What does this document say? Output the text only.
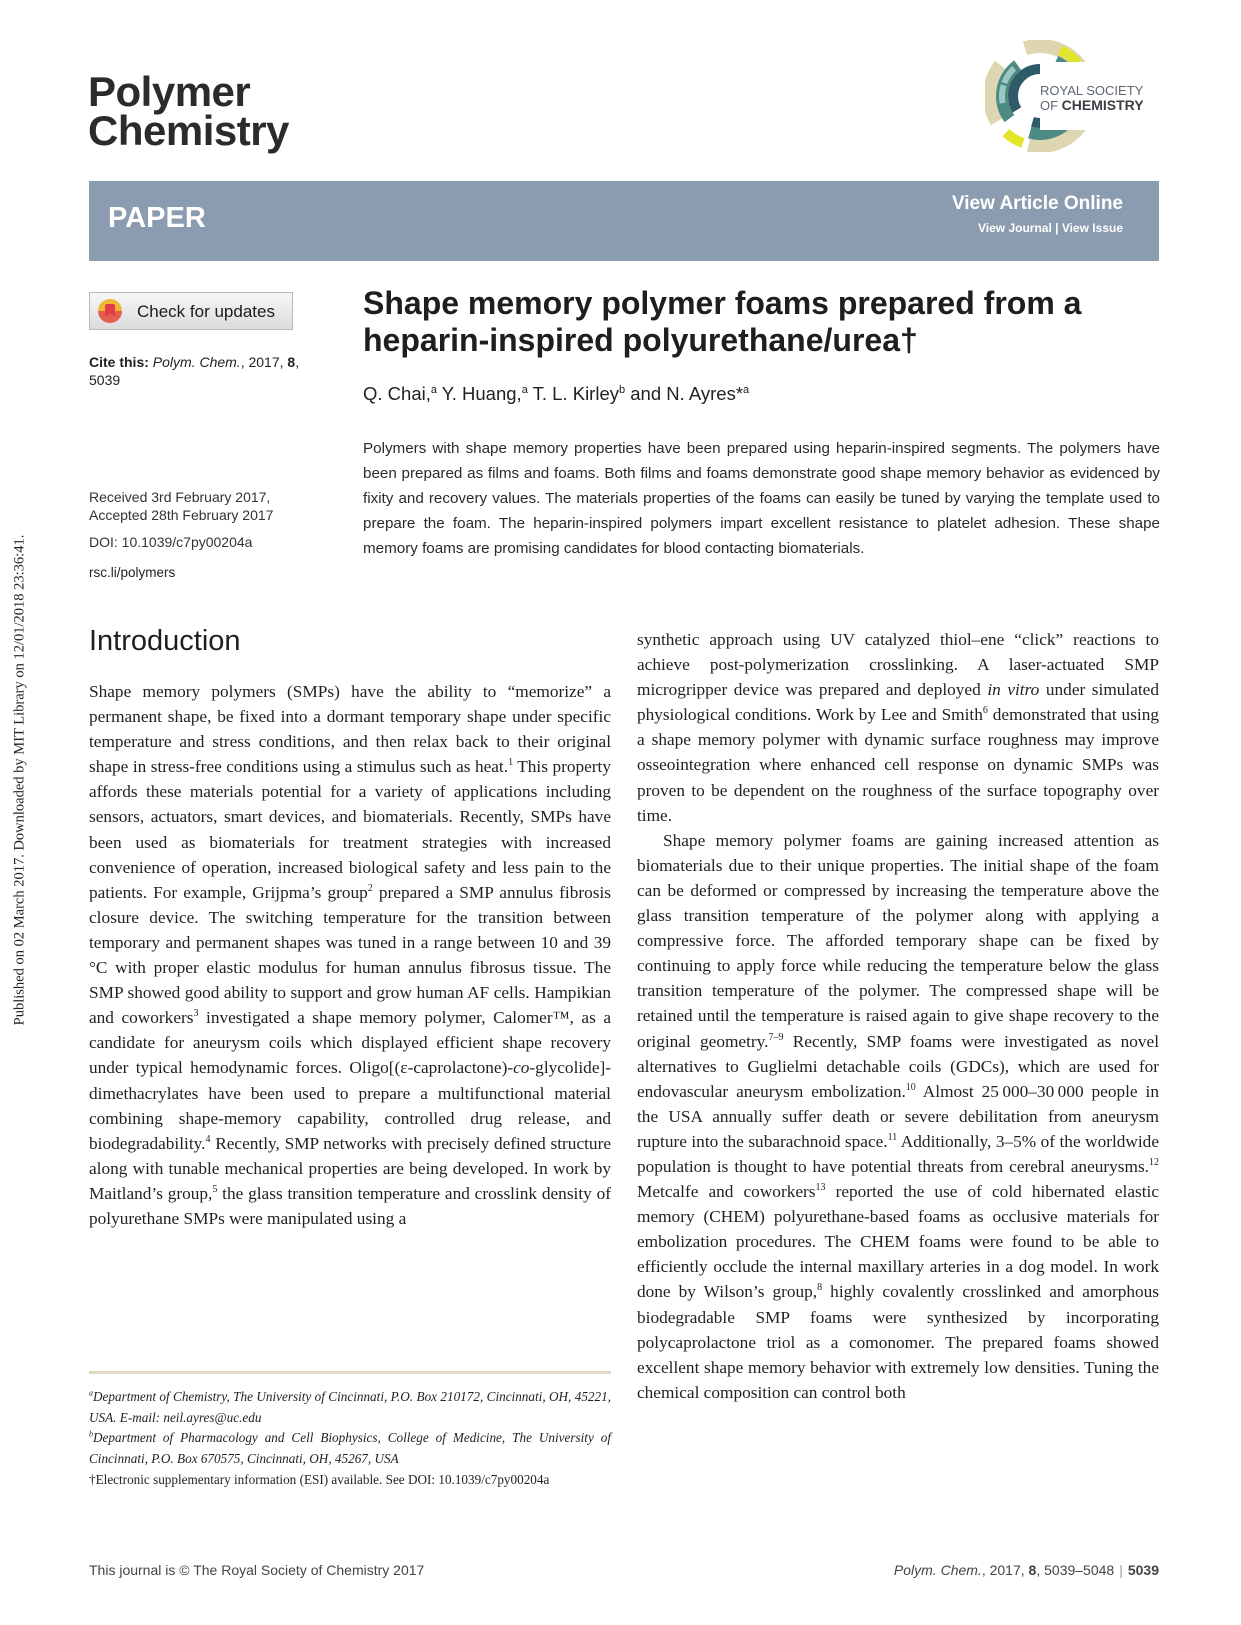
Published on 02 March 2017. Downloaded by MIT Library on 12/01/2018 23:36:41.
Polymer
Chemistry
ROYAL SOCIETY
OF CHEMISTRY
PAPER	View Article Online
View Journal | View Issue
Check for updates
Cite this: Polym. Chem., 2017, 8, 5039
Received 3rd February 2017,
Accepted 28th February 2017
DOI: 10.1039/c7py00204a
rsc.li/polymers
Shape memory polymer foams prepared from a
heparin-inspired polyurethane/urea†
Q. Chai,$^a$ Y. Huang,$^a$ T. L. Kirley$^b$ and N. Ayres*$^a$
Polymers with shape memory properties have been prepared using heparin-inspired segments. The polymers have been prepared as films and foams. Both films and foams demonstrate good shape memory behavior as evidenced by fixity and recovery values. The materials properties of the foams can easily be tuned by varying the template used to prepare the foam. The heparin-inspired polymers impart excellent resistance to platelet adhesion. These shape memory foams are promising candidates for blood contacting biomaterials.
Introduction

Shape memory polymers (SMPs) have the ability to “memorize” a permanent shape, be fixed into a dormant temporary shape under specific temperature and stress conditions, and then relax back to their original shape in stress-free conditions using a stimulus such as heat.$^1$ This property affords these materials potential for a variety of applications including sensors, actuators, smart devices, and biomaterials. Recently, SMPs have been used as biomaterials for treatment strategies with increased convenience of operation, increased biological safety and less pain to the patients. For example, Grijpma’s group$^2$ prepared a SMP annulus fibrosis closure device. The switching temperature for the transition between temporary and permanent shapes was tuned in a range between 10 and 39 °C with proper elastic modulus for human annulus fibrosus tissue. The SMP showed good ability to support and grow human AF cells. Hampikian and coworkers$^3$ investigated a shape memory polymer, Calomer™, as a candidate for aneurysm coils which displayed efficient shape recovery under typical hemodynamic forces. Oligo[(ε-caprolactone)-co-glycolide]-dimethacrylates have been used to prepare a multifunctional material combining shape-memory capability, controlled drug release, and biodegradability.$^4$ Recently, SMP networks with precisely defined structure along with tunable mechanical properties are being developed. In work by Maitland’s group,$^5$ the glass transition temperature and crosslink density of polyurethane SMPs were manipulated using a

$^a$Department of Chemistry, The University of Cincinnati, P.O. Box 210172, Cincinnati, OH, 45221, USA. E-mail: neil.ayres@uc.edu

$^b$Department of Pharmacology and Cell Biophysics, College of Medicine, The University of Cincinnati, P.O. Box 670575, Cincinnati, OH, 45267, USA

†Electronic supplementary information (ESI) available. See DOI: 10.1039/c7py00204a

synthetic approach using UV catalyzed thiol–ene “click” reactions to achieve post-polymerization crosslinking. A laser-actuated SMP microgripper device was prepared and deployed in vitro under simulated physiological conditions. Work by Lee and Smith$^6$ demonstrated that using a shape memory polymer with dynamic surface roughness may improve osseointegration where enhanced cell response on dynamic SMPs was proven to be dependent on the roughness of the surface topography over time.

Shape memory polymer foams are gaining increased attention as biomaterials due to their unique properties. The initial shape of the foam can be deformed or compressed by increasing the temperature above the glass transition temperature of the polymer along with applying a compressive force. The afforded temporary shape can be fixed by continuing to apply force while reducing the temperature below the glass transition temperature of the polymer. The compressed shape will be retained until the temperature is raised again to give shape recovery to the original geometry.$^{7-9}$ Recently, SMP foams were investigated as novel alternatives to Guglielmi detachable coils (GDCs), which are used for endovascular aneurysm embolization.$^{10}$ Almost 25 000–30 000 people in the USA annually suffer death or severe debilitation from aneurysm rupture into the subarachnoid space.$^{11}$ Additionally, 3–5% of the worldwide population is thought to have potential threats from cerebral aneurysms.$^{12}$ Metcalfe and coworkers$^{13}$ reported the use of cold hibernated elastic memory (CHEM) polyurethane-based foams as occlusive materials for embolization procedures. The CHEM foams were found to be able to efficiently occlude the internal maxillary arteries in a dog model. In work done by Wilson’s group,$^8$ highly covalently crosslinked and amorphous biodegradable SMP foams were synthesized by incorporating polycaprolactone triol as a comonomer. The prepared foams showed excellent shape memory behavior with extremely low densities. Tuning the chemical composition can control both

This journal is © The Royal Society of Chemistry 2017	Polym. Chem., 2017, 8, 5039–5048 | 5039
